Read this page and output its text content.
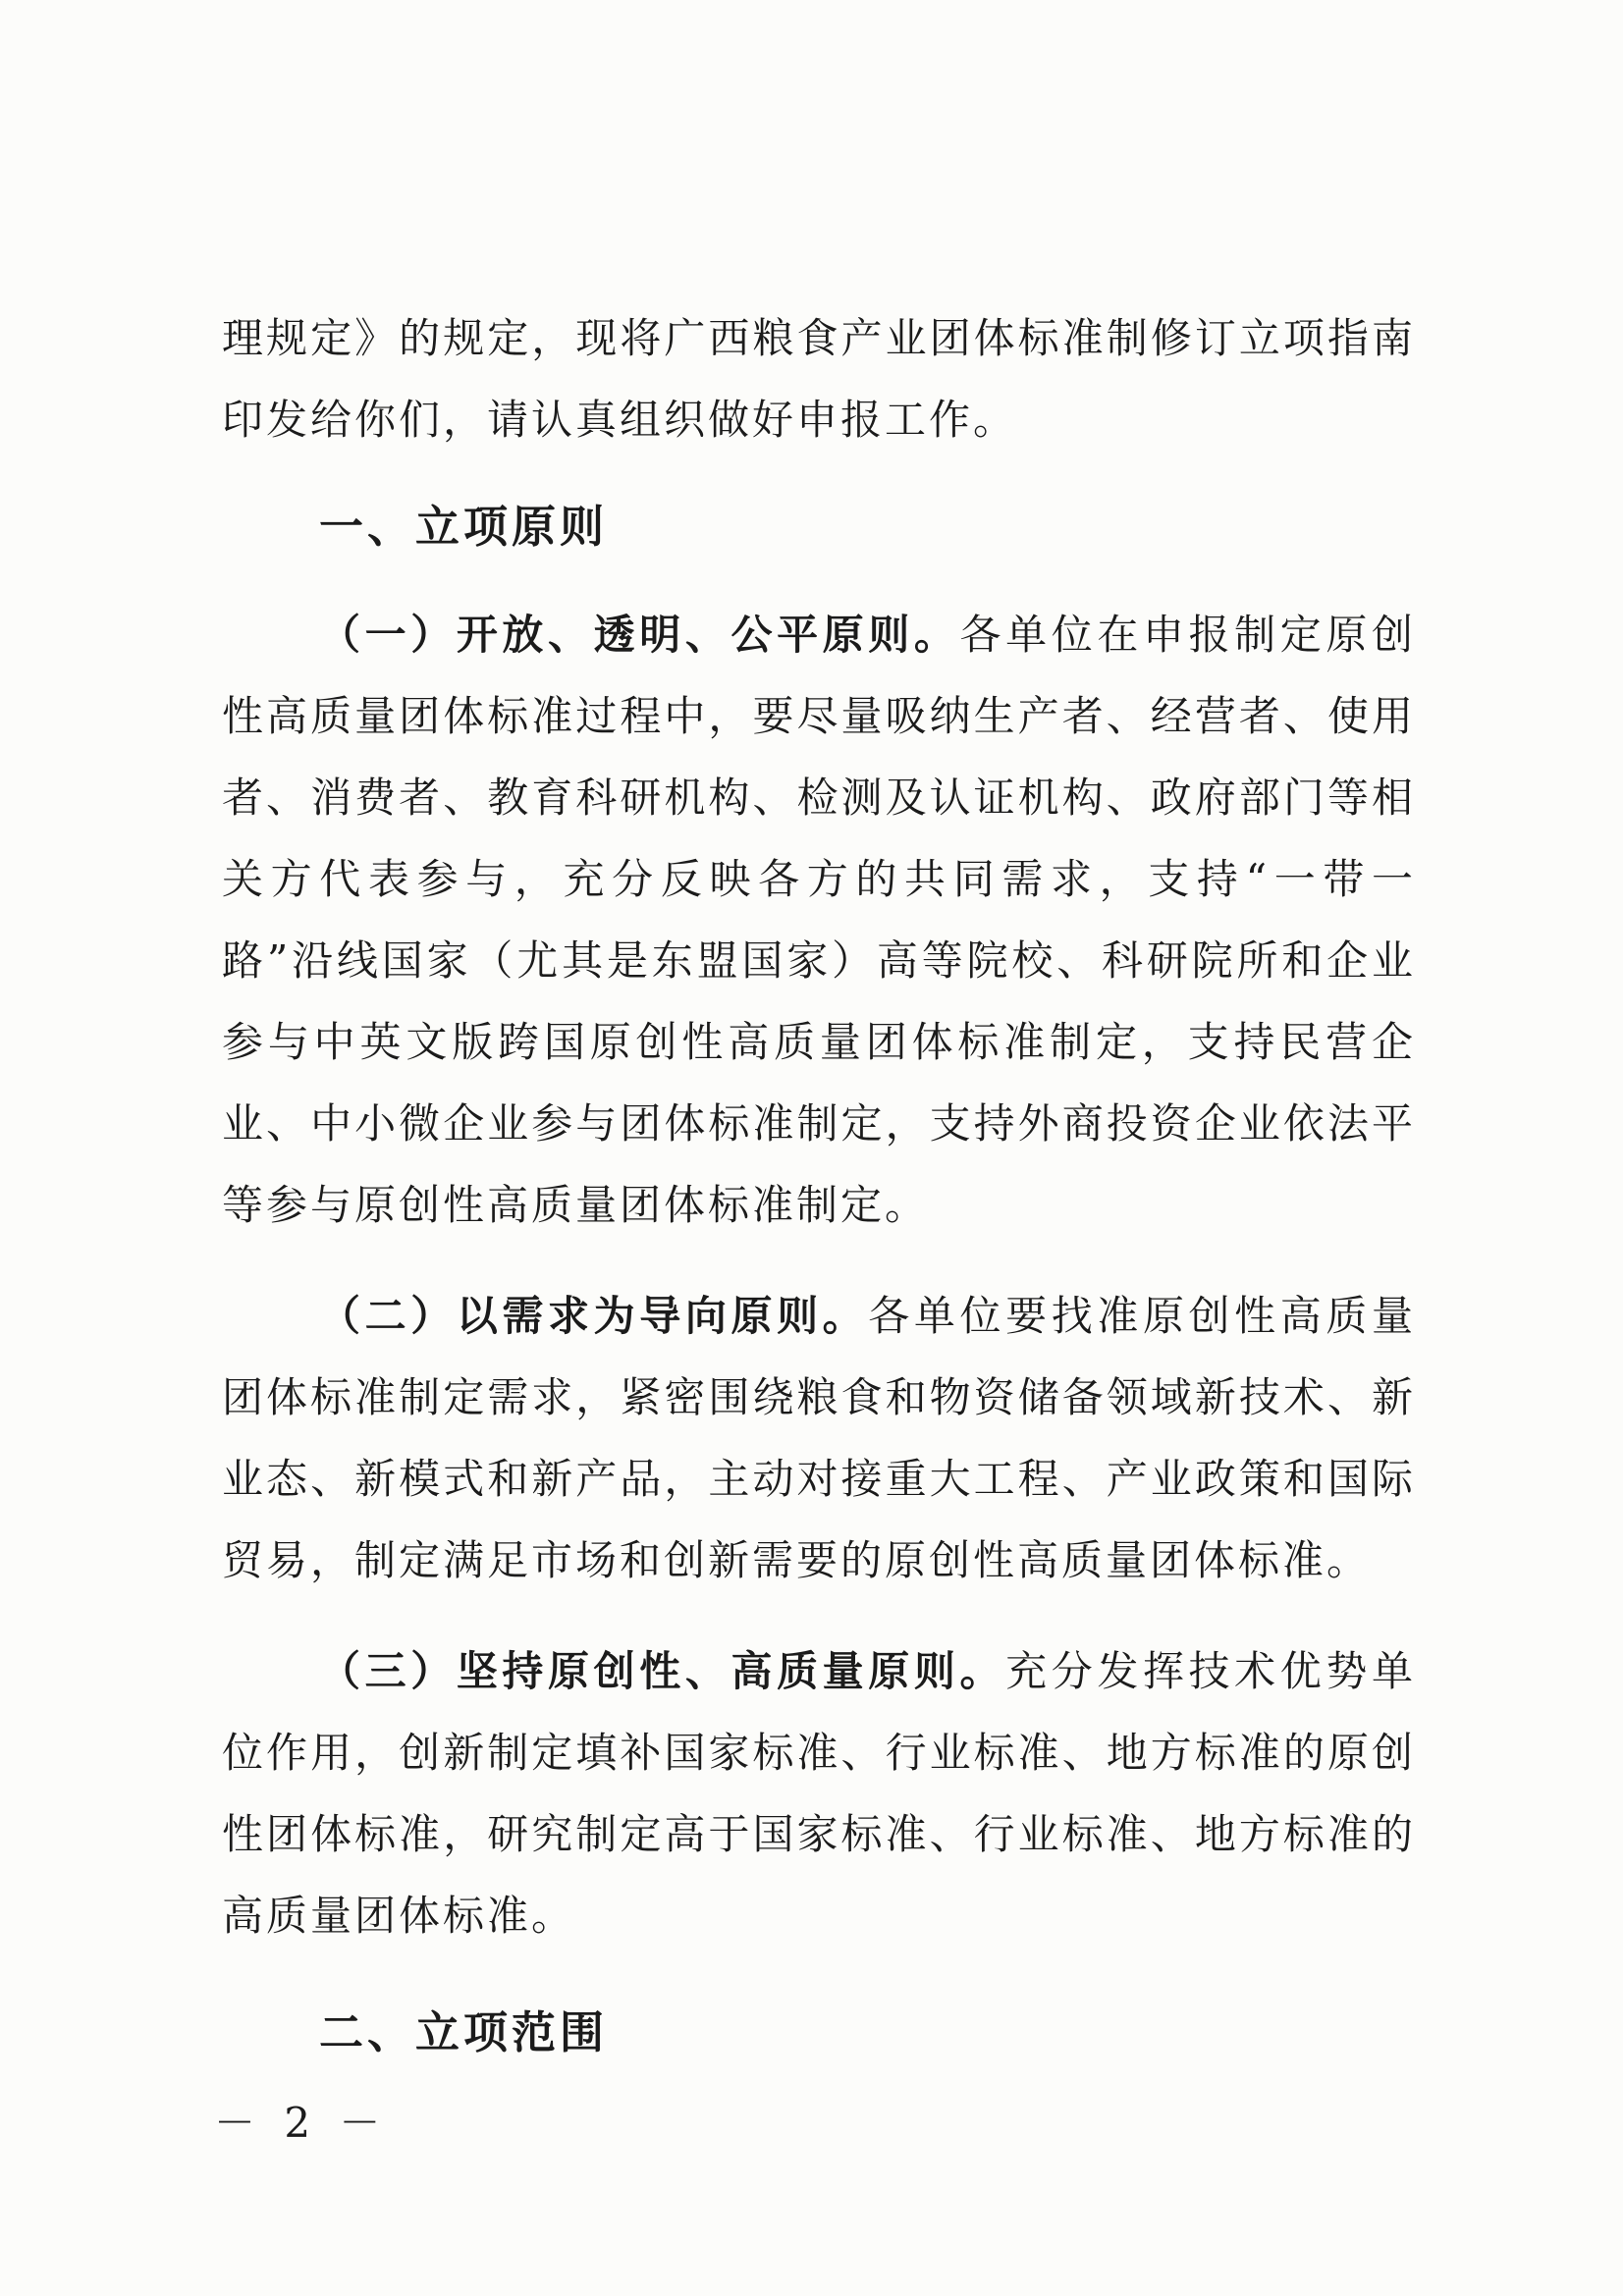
理规定》的规定，现将广西粮食产业团体标准制修订立项指南印发给你们，请认真组织做好申报工作。

一、立项原则

（一）开放、透明、公平原则。各单位在申报制定原创性高质量团体标准过程中，要尽量吸纳生产者、经营者、使用者、消费者、教育科研机构、检测及认证机构、政府部门等相关方代表参与，充分反映各方的共同需求，支持“一带一路”沿线国家（尤其是东盟国家）高等院校、科研院所和企业参与中英文版跨国原创性高质量团体标准制定，支持民营企业、中小微企业参与团体标准制定，支持外商投资企业依法平等参与原创性高质量团体标准制定。

（二）以需求为导向原则。各单位要找准原创性高质量团体标准制定需求，紧密围绕粮食和物资储备领域新技术、新业态、新模式和新产品，主动对接重大工程、产业政策和国际贸易，制定满足市场和创新需要的原创性高质量团体标准。

（三）坚持原创性、高质量原则。充分发挥技术优势单位作用，创新制定填补国家标准、行业标准、地方标准的原创性团体标准，研究制定高于国家标准、行业标准、地方标准的高质量团体标准。

二、立项范围
－ 2 －
